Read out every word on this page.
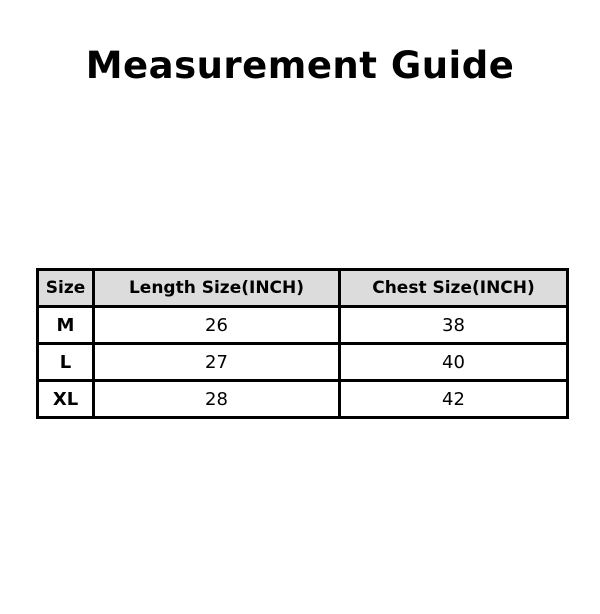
Measurement Guide
Size	Length Size(INCH)	Chest Size(INCH)
M	26	38
L	27	40
XL	28	42
